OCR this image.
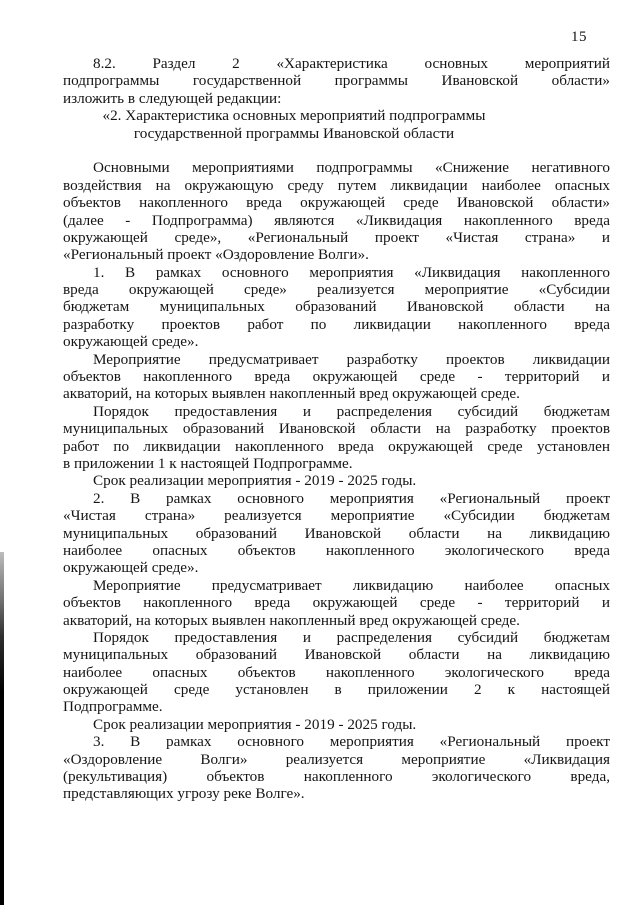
15
8.2. Раздел 2 «Характеристика основных мероприятий
подпрограммы государственной программы Ивановской области»
изложить в следующей редакции:
«2. Характеристика основных мероприятий подпрограммы
государственной программы Ивановской области
Основными мероприятиями подпрограммы «Снижение негативного
воздействия на окружающую среду путем ликвидации наиболее опасных
объектов накопленного вреда окружающей среде Ивановской области»
(далее - Подпрограмма) являются «Ликвидация накопленного вреда
окружающей среде», «Региональный проект «Чистая страна» и
«Региональный проект «Оздоровление Волги».
1. В рамках основного мероприятия «Ликвидация накопленного
вреда окружающей среде» реализуется мероприятие «Субсидии
бюджетам муниципальных образований Ивановской области на
разработку проектов работ по ликвидации накопленного вреда
окружающей среде».
Мероприятие предусматривает разработку проектов ликвидации
объектов накопленного вреда окружающей среде - территорий и
акваторий, на которых выявлен накопленный вред окружающей среде.
Порядок предоставления и распределения субсидий бюджетам
муниципальных образований Ивановской области на разработку проектов
работ по ликвидации накопленного вреда окружающей среде установлен
в приложении 1 к настоящей Подпрограмме.
Срок реализации мероприятия - 2019 - 2025 годы.
2. В рамках основного мероприятия «Региональный проект
«Чистая страна» реализуется мероприятие «Субсидии бюджетам
муниципальных образований Ивановской области на ликвидацию
наиболее опасных объектов накопленного экологического вреда
окружающей среде».
Мероприятие предусматривает ликвидацию наиболее опасных
объектов накопленного вреда окружающей среде - территорий и
акваторий, на которых выявлен накопленный вред окружающей среде.
Порядок предоставления и распределения субсидий бюджетам
муниципальных образований Ивановской области на ликвидацию
наиболее опасных объектов накопленного экологического вреда
окружающей среде установлен в приложении 2 к настоящей
Подпрограмме.
Срок реализации мероприятия - 2019 - 2025 годы.
3. В рамках основного мероприятия «Региональный проект
«Оздоровление Волги» реализуется мероприятие «Ликвидация
(рекультивация) объектов накопленного экологического вреда,
представляющих угрозу реке Волге».
